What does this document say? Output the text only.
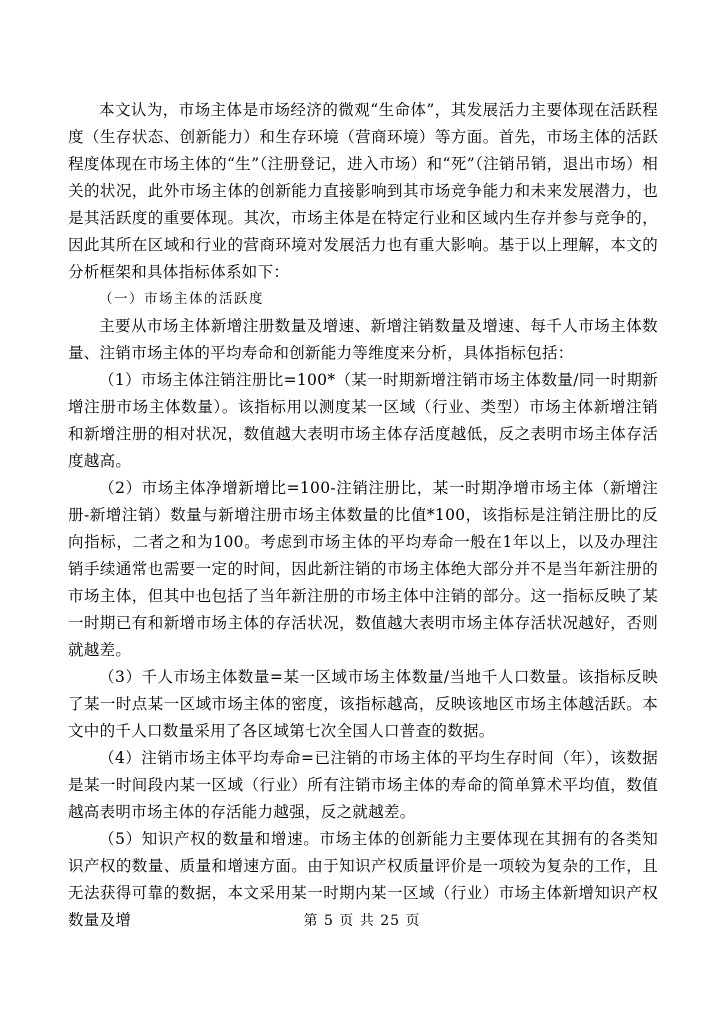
本文认为，市场主体是市场经济的微观“生命体”，其发展活力主要体现在活跃程度（生存状态、创新能力）和生存环境（营商环境）等方面。首先，市场主体的活跃程度体现在市场主体的“生”（注册登记，进入市场）和“死”（注销吊销，退出市场）相关的状况，此外市场主体的创新能力直接影响到其市场竞争能力和未来发展潜力，也是其活跃度的重要体现。其次，市场主体是在特定行业和区域内生存并参与竞争的，因此其所在区域和行业的营商环境对发展活力也有重大影响。基于以上理解，本文的分析框架和具体指标体系如下：

（一）市场主体的活跃度

主要从市场主体新增注册数量及增速、新增注销数量及增速、每千人市场主体数量、注销市场主体的平均寿命和创新能力等维度来分析，具体指标包括：

（1）市场主体注销注册比=100*（某一时期新增注销市场主体数量/同一时期新增注册市场主体数量）。该指标用以测度某一区域（行业、类型）市场主体新增注销和新增注册的相对状况，数值越大表明市场主体存活度越低，反之表明市场主体存活度越高。

（2）市场主体净增新增比=100-注销注册比，某一时期净增市场主体（新增注册-新增注销）数量与新增注册市场主体数量的比值*100，该指标是注销注册比的反向指标，二者之和为100。考虑到市场主体的平均寿命一般在1年以上，以及办理注销手续通常也需要一定的时间，因此新注销的市场主体绝大部分并不是当年新注册的市场主体，但其中也包括了当年新注册的市场主体中注销的部分。这一指标反映了某一时期已有和新增市场主体的存活状况，数值越大表明市场主体存活状况越好，否则就越差。

（3）千人市场主体数量=某一区域市场主体数量/当地千人口数量。该指标反映了某一时点某一区域市场主体的密度，该指标越高，反映该地区市场主体越活跃。本文中的千人口数量采用了各区域第七次全国人口普查的数据。

（4）注销市场主体平均寿命=已注销的市场主体的平均生存时间（年），该数据是某一时间段内某一区域（行业）所有注销市场主体的寿命的简单算术平均值，数值越高表明市场主体的存活能力越强，反之就越差。

（5）知识产权的数量和增速。市场主体的创新能力主要体现在其拥有的各类知识产权的数量、质量和增速方面。由于知识产权质量评价是一项较为复杂的工作，且无法获得可靠的数据，本文采用某一时期内某一区域（行业）市场主体新增知识产权数量及增	第 5 页 共 25 页
